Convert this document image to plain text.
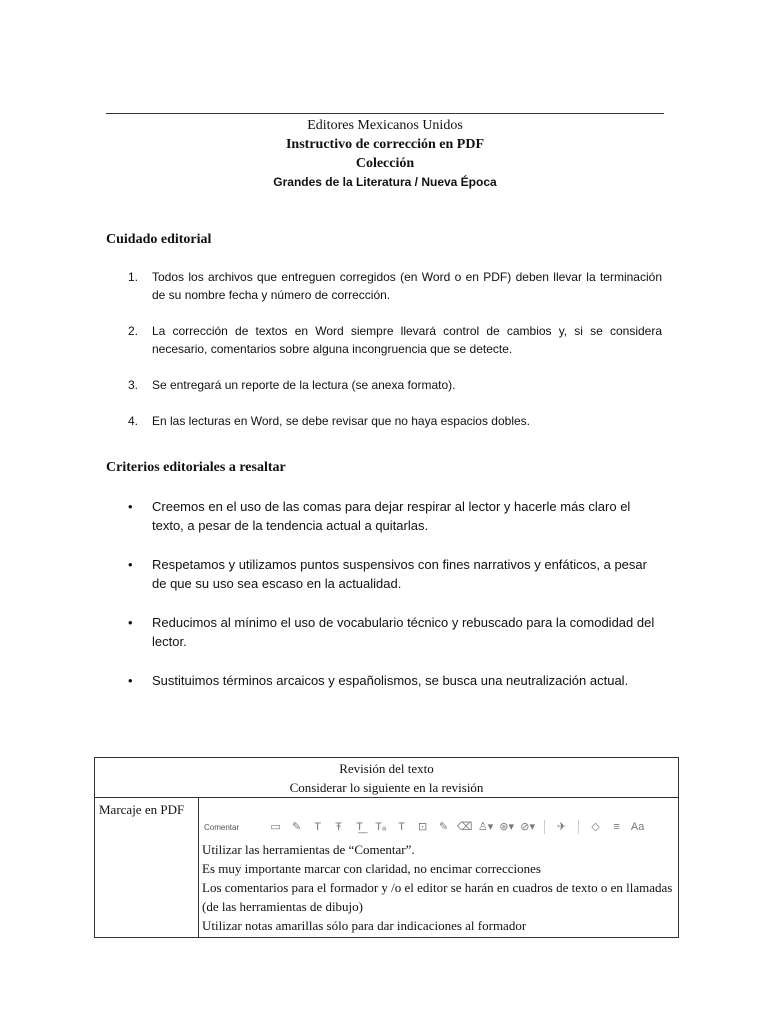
Editores Mexicanos Unidos
Instructivo de corrección en PDF
Colección
Grandes de la Literatura / Nueva Época
Cuidado editorial
1. Todos los archivos que entreguen corregidos (en Word o en PDF) deben llevar la terminación de su nombre fecha y número de corrección.
2. La corrección de textos en Word siempre llevará control de cambios y, si se considera necesario, comentarios sobre alguna incongruencia que se detecte.
3. Se entregará un reporte de la lectura (se anexa formato).
4. En las lecturas en Word, se debe revisar que no haya espacios dobles.
Criterios editoriales a resaltar
• Creemos en el uso de las comas para dejar respirar al lector y hacerle más claro el texto, a pesar de la tendencia actual a quitarlas.
• Respetamos y utilizamos puntos suspensivos con fines narrativos y enfáticos, a pesar de que su uso sea escaso en la actualidad.
• Reducimos al mínimo el uso de vocabulario técnico y rebuscado para la comodidad del lector.
• Sustituimos términos arcaicos y españolismos, se busca una neutralización actual.
Revisión del texto
Considerar lo siguiente en la revisión

Marcaje en PDF	
Comentar	▭	✎	T	Ŧ	T͟	Tₐ	T	⊡	✎ ⌫ ♙▾ ⊛▾ ⊘▾	✈	◇	≡	Aa
Utilizar las herramientas de “Comentar”.
Es muy importante marcar con claridad, no encimar correcciones
Los comentarios para el formador y /o el editor se harán en cuadros de texto o en llamadas (de las herramientas de dibujo)
Utilizar notas amarillas sólo para dar indicaciones al formador
